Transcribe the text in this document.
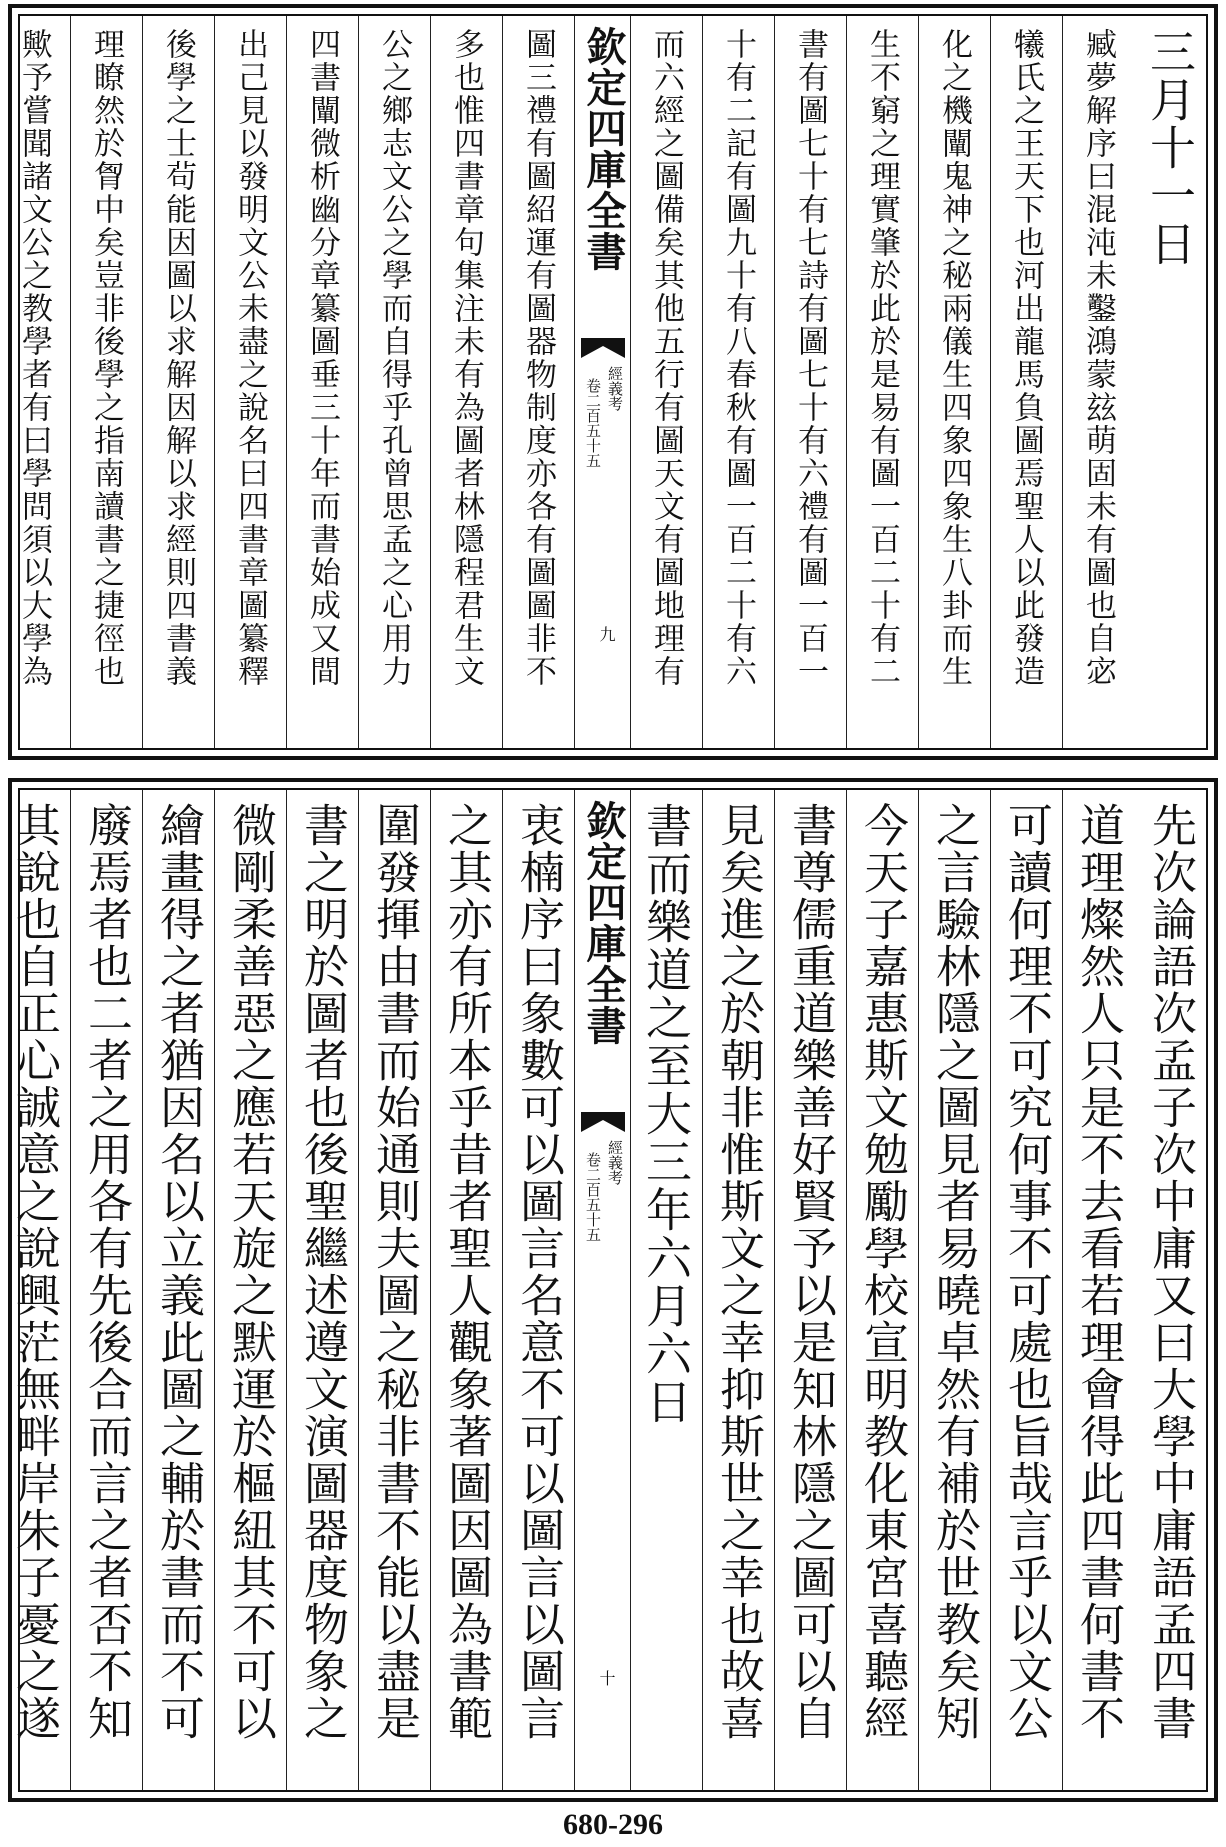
三月十一日
臧夢解序曰混沌未鑿鴻蒙玆萌固未有圖也自宓
犧氏之王天下也河出龍馬負圖焉聖人以此發造
化之機闡鬼神之秘兩儀生四象四象生八卦而生
生不窮之理實肇於此於是易有圖一百二十有二
書有圖七十有七詩有圖七十有六禮有圖一百一
十有二記有圖九十有八春秋有圖一百二十有六
而六經之圖備矣其他五行有圖天文有圖地理有
欽定四庫全書
經義考
卷二百五十五
九
圖三禮有圖紹運有圖器物制度亦各有圖圖非不
多也惟四書章句集注未有為圖者林隱程君生文
公之鄉志文公之學而自得乎孔曾思孟之心用力
四書闡微析幽分章纂圖垂三十年而書始成又間
出己見以發明文公未盡之說名曰四書章圖纂釋
後學之士茍能因圖以求解因解以求經則四書義
理瞭然於胷中矣豈非後學之指南讀書之捷徑也
歟予嘗聞諸文公之教學者有曰學問須以大學為
先次論語次孟子次中庸又曰大學中庸語孟四書
道理燦然人只是不去看若理會得此四書何書不
可讀何理不可究何事不可處也旨哉言乎以文公
之言驗林隱之圖見者易曉卓然有補於世教矣矧
今天子嘉惠斯文勉勵學校宣明教化東宮喜聽經
書尊儒重道樂善好賢予以是知林隱之圖可以自
見矣進之於朝非惟斯文之幸抑斯世之幸也故喜
書而樂道之至大三年六月六日
欽定四庫全書
經義考
卷二百五十五
十
衷楠序曰象數可以圖言名意不可以圖言以圖言
之其亦有所本乎昔者聖人觀象著圖因圖為書範
圍發揮由書而始通則夫圖之秘非書不能以盡是
書之明於圖者也後聖繼述遵文演圖器度物象之
微剛柔善惡之應若天旋之默運於樞紐其不可以
繪畫得之者猶因名以立義此圖之輔於書而不可
廢焉者也二者之用各有先後合而言之者否不知
其說也自正心誠意之說興茫無畔岸朱子憂之遂
680-296
